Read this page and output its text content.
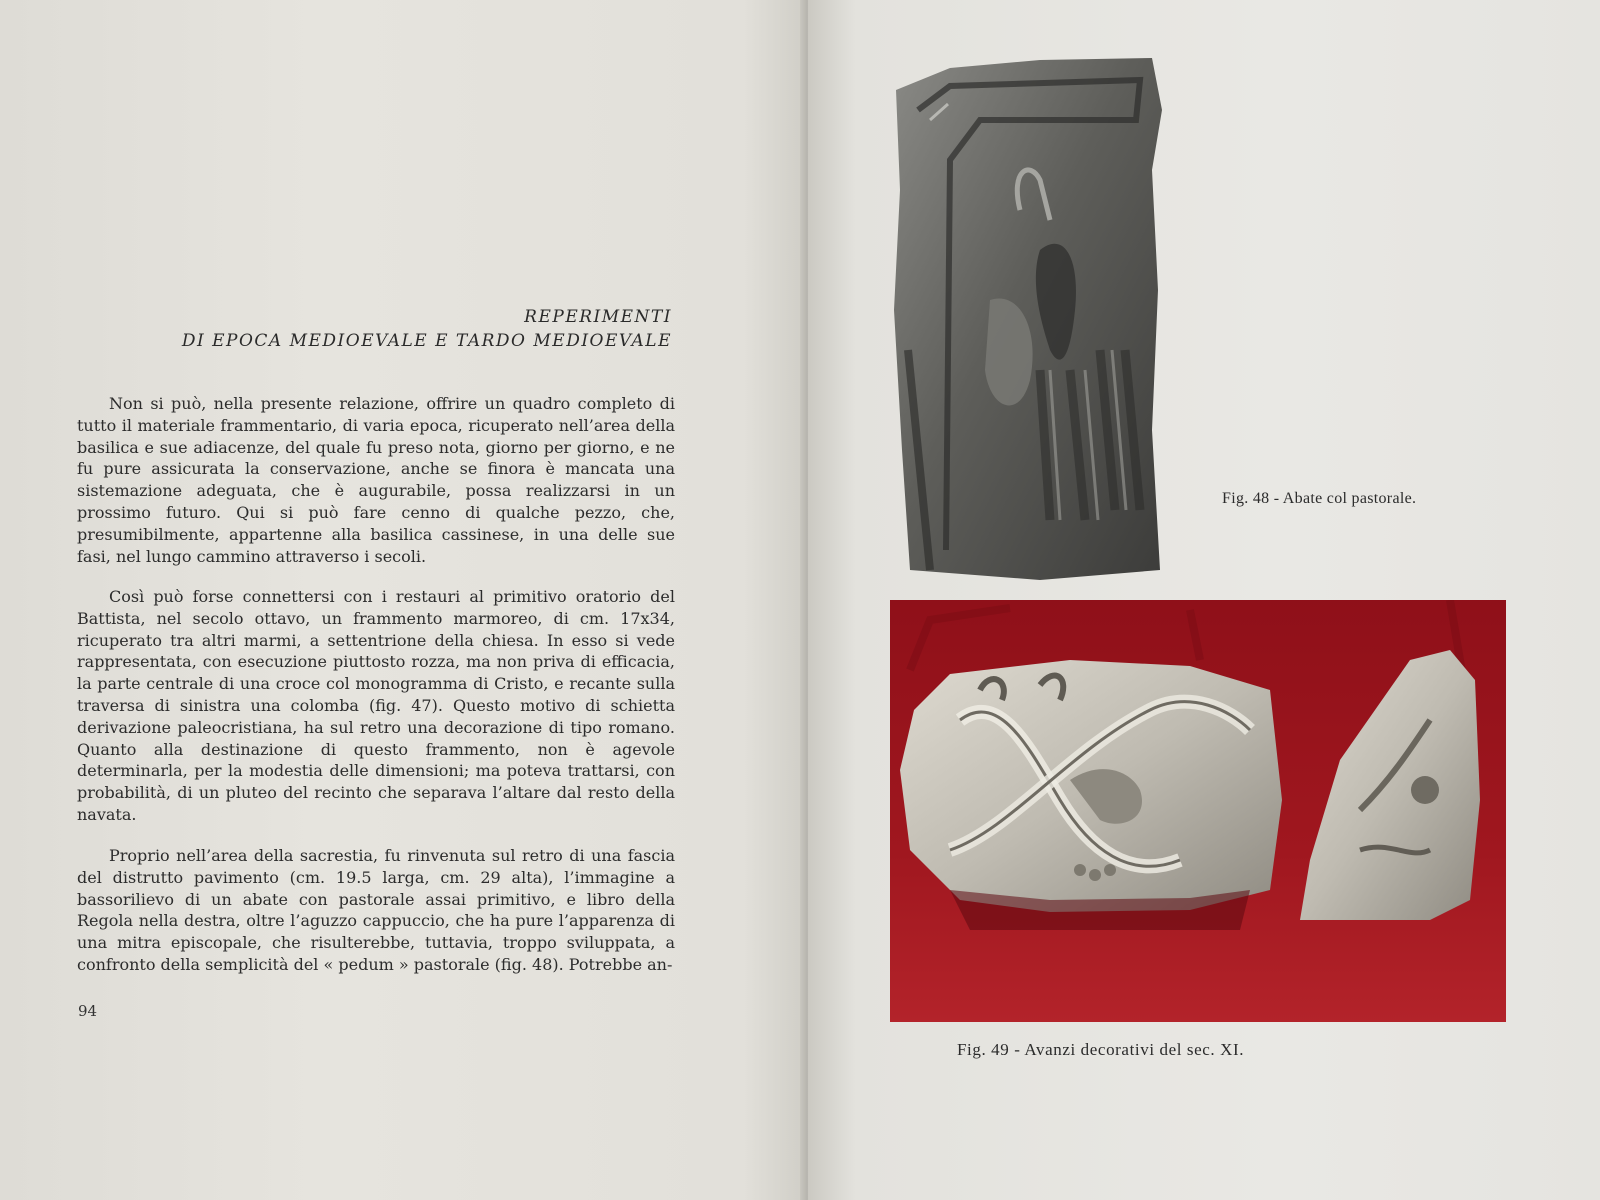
REPERIMENTI
DI EPOCA MEDIOEVALE E TARDO MEDIOEVALE

Non si può, nella presente relazione, offrire un quadro completo di tutto il materiale frammentario, di varia epoca, ricuperato nell’area della basilica e sue adiacenze, del quale fu preso nota, giorno per giorno, e ne fu pure assicurata la conservazione, anche se finora è mancata una sistemazione adeguata, che è augurabile, possa realizzarsi in un prossimo futuro. Qui si può fare cenno di qualche pezzo, che, presumibilmente, appartenne alla basilica cassinese, in una delle sue fasi, nel lungo cammino attraverso i secoli.

Così può forse connettersi con i restauri al primitivo oratorio del Battista, nel secolo ottavo, un frammento marmoreo, di cm. 17x34, ricuperato tra altri marmi, a settentrione della chiesa. In esso si vede rappresentata, con esecuzione piuttosto rozza, ma non priva di efficacia, la parte centrale di una croce col monogramma di Cristo, e recante sulla traversa di sinistra una colomba (fig. 47). Questo motivo di schietta derivazione paleocristiana, ha sul retro una decorazione di tipo romano. Quanto alla destinazione di questo frammento, non è agevole determinarla, per la modestia delle dimensioni; ma poteva trattarsi, con probabilità, di un pluteo del recinto che separava l’altare dal resto della navata.

Proprio nell’area della sacrestia, fu rinvenuta sul retro di una fascia del distrutto pavimento (cm. 19.5 larga, cm. 29 alta), l’immagine a bassorilievo di un abate con pastorale assai primitivo, e libro della Regola nella destra, oltre l’aguzzo cappuccio, che ha pure l’apparenza di una mitra episcopale, che risulterebbe, tuttavia, troppo sviluppata, a confronto della semplicità del « pedum » pastorale (fig. 48). Potrebbe an-

94
Fig. 48 - Abate col pastorale.
Fig. 49 - Avanzi decorativi del sec. XI.
